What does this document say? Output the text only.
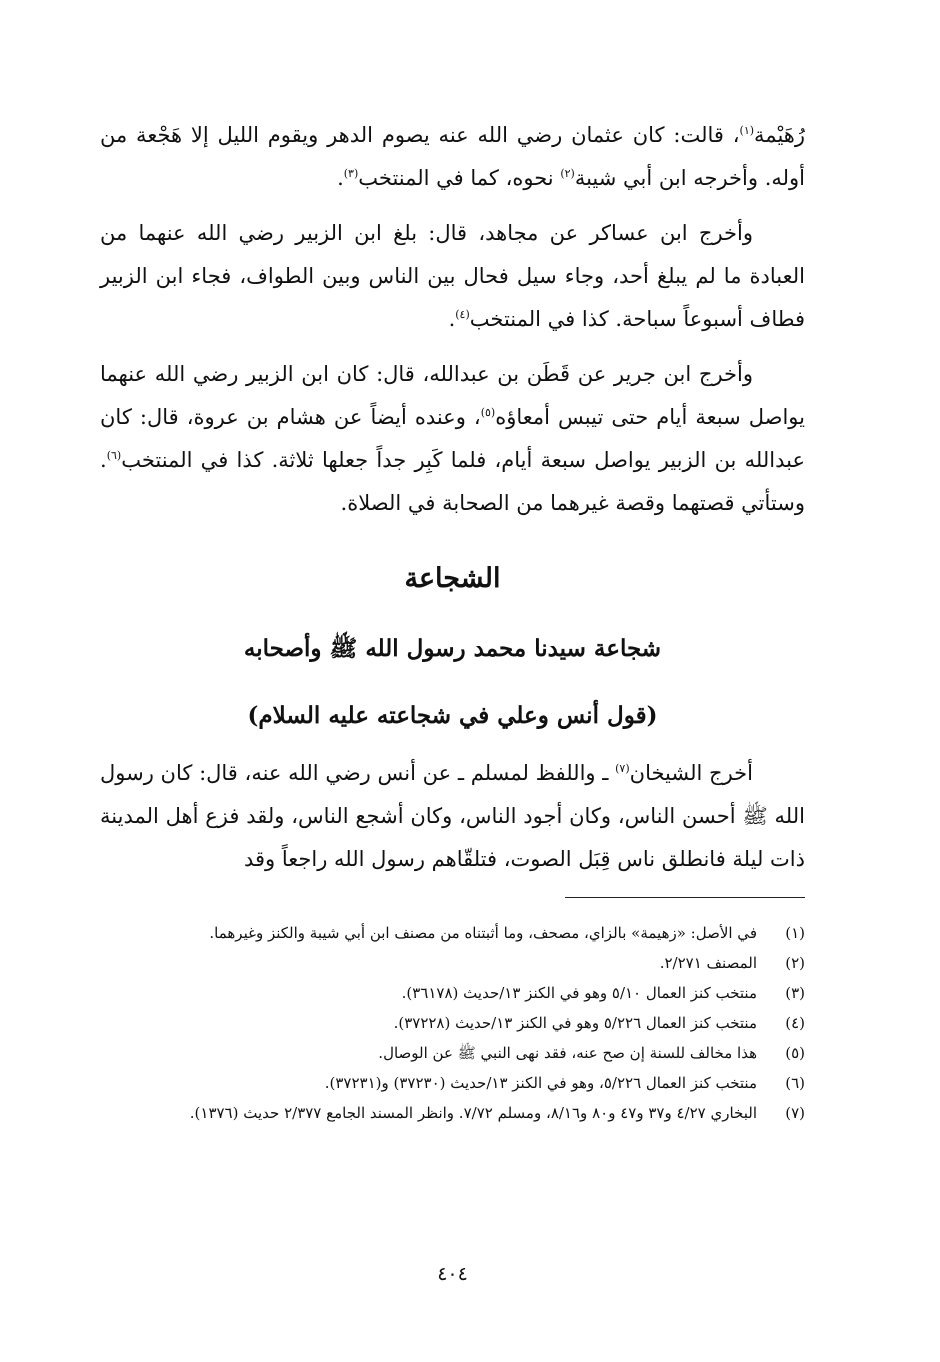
رُهَيْمة$^{(١)}$، قالت: كان عثمان رضي الله عنه يصوم الدهر ويقوم الليل إلا هَجْعة من أوله. وأخرجه ابن أبي شيبة$^{(٢)}$ نحوه، كما في المنتخب$^{(٣)}$.

وأخرج ابن عساكر عن مجاهد، قال: بلغ ابن الزبير رضي الله عنهما من العبادة ما لم يبلغ أحد، وجاء سيل فحال بين الناس وبين الطواف، فجاء ابن الزبير فطاف أسبوعاً سباحة. كذا في المنتخب$^{(٤)}$.

وأخرج ابن جرير عن قَطَن بن عبدالله، قال: كان ابن الزبير رضي الله عنهما يواصل سبعة أيام حتى تيبس أمعاؤه$^{(٥)}$، وعنده أيضاً عن هشام بن عروة، قال: كان عبدالله بن الزبير يواصل سبعة أيام، فلما كَبِر جداً جعلها ثلاثة. كذا في المنتخب$^{(٦)}$. وستأتي قصتهما وقصة غيرهما من الصحابة في الصلاة.

الشجاعة
شجاعة سيدنا محمد رسول الله ﷺ وأصحابه
(قول أنس وعلي في شجاعته عليه السلام)

أخرج الشيخان$^{(٧)}$ ـ واللفظ لمسلم ـ عن أنس رضي الله عنه، قال: كان رسول الله ﷺ أحسن الناس، وكان أجود الناس، وكان أشجع الناس، ولقد فزع أهل المدينة ذات ليلة فانطلق ناس قِبَل الصوت، فتلقّاهم رسول الله راجعاً وقد

(١)
في الأصل: «زهيمة» بالزاي، مصحف، وما أثبتناه من مصنف ابن أبي شيبة والكنز وغيرهما.
(٢)
المصنف ٢/٢٧١.
(٣)
منتخب كنز العمال ٥/١٠ وهو في الكنز ١٣/حديث (٣٦١٧٨).
(٤)
منتخب كنز العمال ٥/٢٢٦ وهو في الكنز ١٣/حديث (٣٧٢٢٨).
(٥)
هذا مخالف للسنة إن صح عنه، فقد نهى النبي ﷺ عن الوصال.
(٦)
منتخب كنز العمال ٥/٢٢٦، وهو في الكنز ١٣/حديث (٣٧٢٣٠) و(٣٧٢٣١).
(٧)
البخاري ٤/٢٧ و٣٧ و٤٧ و٨٠ و٨/١٦، ومسلم ٧/٧٢. وانظر المسند الجامع ٢/٣٧٧ حديث (١٣٧٦).
٤٠٤
